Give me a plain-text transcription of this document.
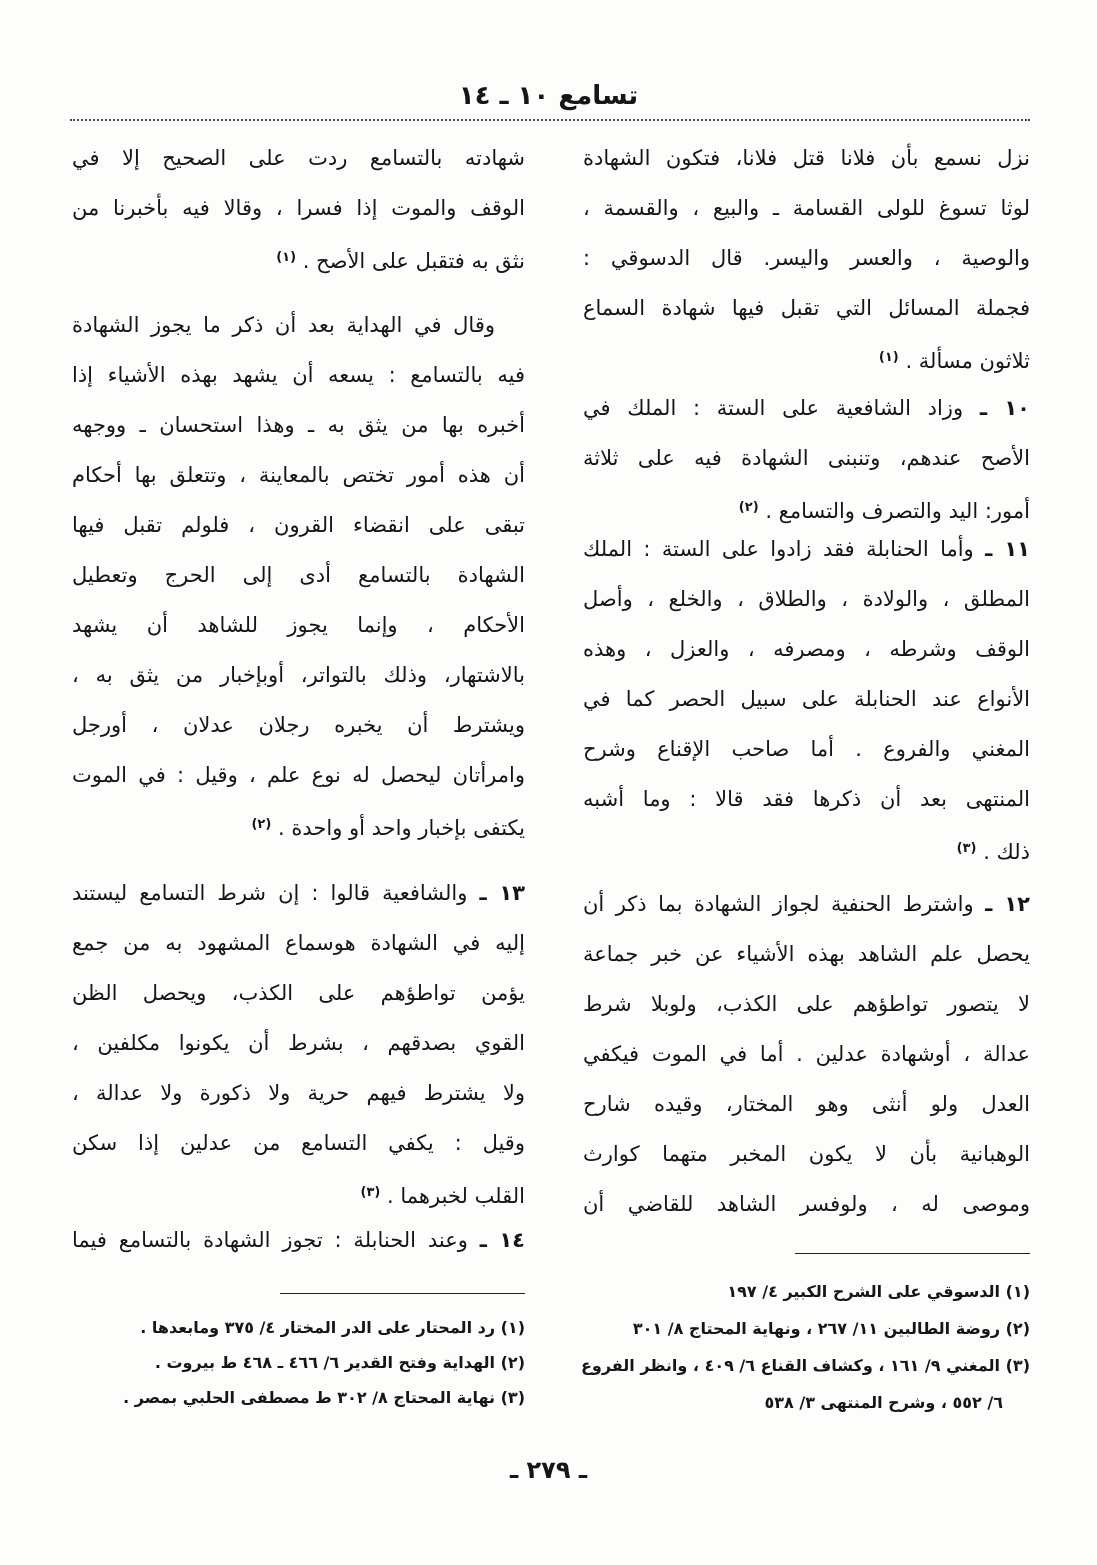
تسامع ١٠ ـ ١٤
نزل نسمع بأن فلانا قتل فلانا، فتكون الشهادة
لوثا تسوغ للولى القسامة ـ والبيع ، والقسمة ،
والوصية ، والعسر واليسر. قال الدسوقي :
فجملة المسائل التي تقبل فيها شهادة السماع
ثلاثون مسألة . $^{(١)}$
١٠ ـ وزاد الشافعية على الستة : الملك في
الأصح عندهم، وتنبنى الشهادة فيه على ثلاثة
أمور: اليد والتصرف والتسامع . $^{(٢)}$
١١ ـ وأما الحنابلة فقد زادوا على الستة : الملك
المطلق ، والولادة ، والطلاق ، والخلع ، وأصل
الوقف وشرطه ، ومصرفه ، والعزل ، وهذه
الأنواع عند الحنابلة على سبيل الحصر كما في
المغني والفروع . أما صاحب الإقناع وشرح
المنتهى بعد أن ذكرها فقد قالا : وما أشبه
ذلك . $^{(٣)}$
١٢ ـ واشترط الحنفية لجواز الشهادة بما ذكر أن
يحصل علم الشاهد بهذه الأشياء عن خبر جماعة
لا يتصور تواطؤهم على الكذب، ولوبلا شرط
عدالة ، أوشهادة عدلين . أما في الموت فيكفي
العدل ولو أنثى وهو المختار، وقيده شارح
الوهبانية بأن لا يكون المخبر متهما كوارث
وموصى له ، ولوفسر الشاهد للقاضي أن
(١) الدسوقي على الشرح الكبير ٤/ ١٩٧
(٢) روضة الطالبين ١١/ ٢٦٧ ، ونهاية المحتاج ٨/ ٣٠١
(٣) المغني ٩/ ١٦١ ، وكشاف القناع ٦/ ٤٠٩ ، وانظر الفروع
٦/ ٥٥٢ ، وشرح المنتهى ٣/ ٥٣٨
شهادته بالتسامع ردت على الصحيح إلا في
الوقف والموت إذا فسرا ، وقالا فيه بأخبرنا من
نثق به فتقبل على الأصح . $^{(١)}$
وقال في الهداية بعد أن ذكر ما يجوز الشهادة
فيه بالتسامع : يسعه أن يشهد بهذه الأشياء إذا
أخبره بها من يثق به ـ وهذا استحسان ـ ووجهه
أن هذه أمور تختص بالمعاينة ، وتتعلق بها أحكام
تبقى على انقضاء القرون ، فلولم تقبل فيها
الشهادة بالتسامع أدى إلى الحرج وتعطيل
الأحكام ، وإنما يجوز للشاهد أن يشهد
بالاشتهار، وذلك بالتواتر، أوبإخبار من يثق به ،
ويشترط أن يخبره رجلان عدلان ، أورجل
وامرأتان ليحصل له نوع علم ، وقيل : في الموت
يكتفى بإخبار واحد أو واحدة . $^{(٢)}$
١٣ ـ والشافعية قالوا : إن شرط التسامع ليستند
إليه في الشهادة هوسماع المشهود به من جمع
يؤمن تواطؤهم على الكذب، ويحصل الظن
القوي بصدقهم ، بشرط أن يكونوا مكلفين ،
ولا يشترط فيهم حرية ولا ذكورة ولا عدالة ،
وقيل : يكفي التسامع من عدلين إذا سكن
القلب لخبرهما . $^{(٣)}$
١٤ ـ وعند الحنابلة : تجوز الشهادة بالتسامع فيما
(١) رد المحتار على الدر المختار ٤/ ٣٧٥ ومابعدها .
(٢) الهداية وفتح القدير ٦/ ٤٦٦ ـ ٤٦٨ ط بيروت .
(٣) نهاية المحتاج ٨/ ٣٠٢ ط مصطفى الحلبي بمصر .
ـ ٢٧٩ ـ
